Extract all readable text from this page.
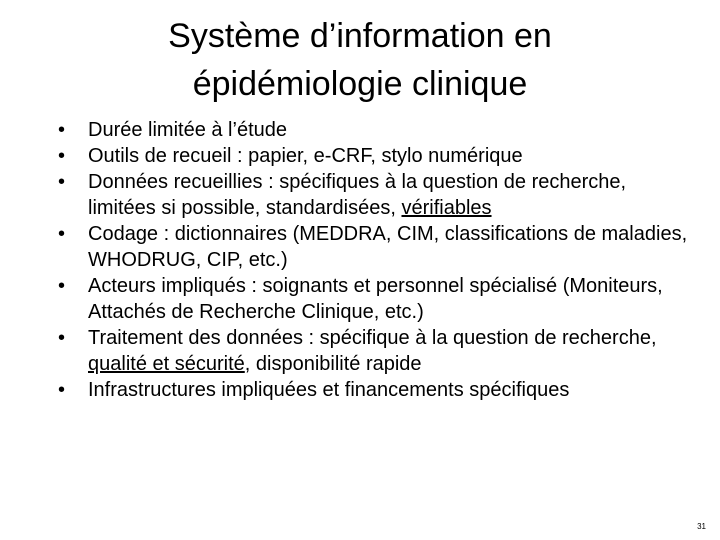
Système d’information en
épidémiologie clinique
•	Durée limitée à l’étude
•	Outils de recueil : papier, e-CRF, stylo numérique
•	Données recueillies : spécifiques à la question de recherche, limitées si possible, standardisées, vérifiables
•	Codage : dictionnaires (MEDDRA, CIM, classifications de maladies, WHODRUG, CIP, etc.)
•	Acteurs impliqués : soignants et personnel spécialisé (Moniteurs, Attachés de Recherche Clinique, etc.)
•	Traitement des données : spécifique à la question de recherche, qualité et sécurité, disponibilité rapide
•	Infrastructures impliquées et financements spécifiques
31
